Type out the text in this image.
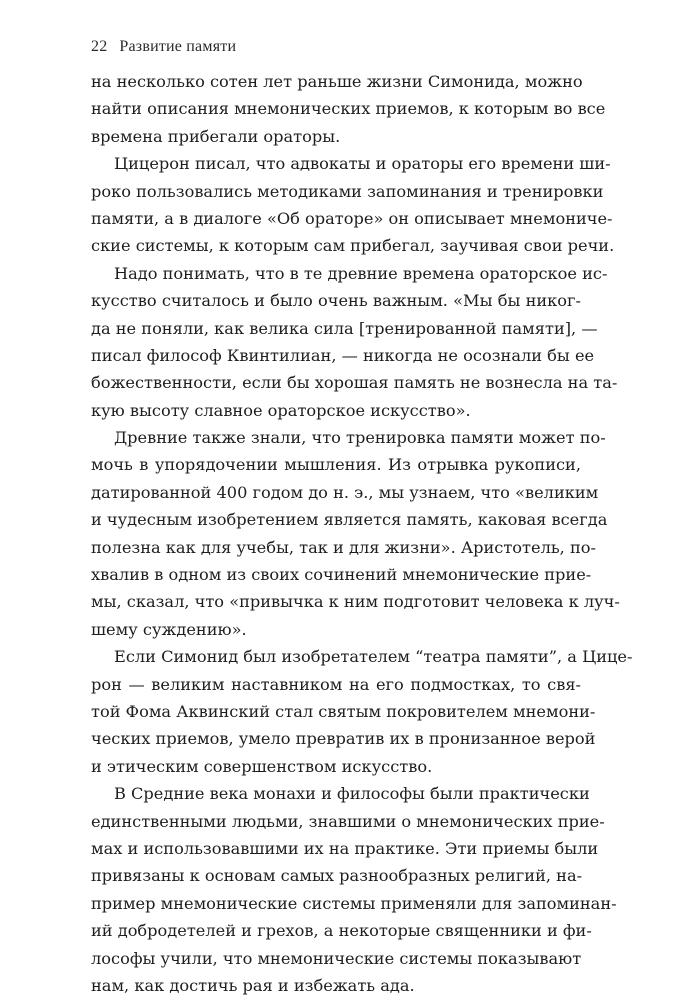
22 Развитие памяти

на несколько сотен лет раньше жизни Симонида, можно
найти описания мнемонических приемов, к которым во все
времена прибегали ораторы.

Цицерон писал, что адвокаты и ораторы его времени ши-
роко пользовались методиками запоминания и тренировки
памяти, а в диалоге «Об ораторе» он описывает мнемониче-
ские системы, к которым сам прибегал, заучивая свои речи.

Надо понимать, что в те древние времена ораторское ис-
кусство считалось и было очень важным. «Мы бы никог-
да не поняли, как велика сила [тренированной памяти], —
писал философ Квинтилиан, — никогда не осознали бы ее
божественности, если бы хорошая память не вознесла на та-
кую высоту славное ораторское искусство».

Древние также знали, что тренировка памяти может по-
мочь в упорядочении мышления. Из отрывка рукописи,
датированной 400 годом до н. э., мы узнаем, что «великим
и чудесным изобретением является память, каковая всегда
полезна как для учебы, так и для жизни». Аристотель, по-
хвалив в одном из своих сочинений мнемонические прие-
мы, сказал, что «привычка к ним подготовит человека к луч-
шему суждению».

Если Симонид был изобретателем “театра памяти”, а Цице-
рон — великим наставником на его подмостках, то свя-
той Фома Аквинский стал святым покровителем мнемони-
ческих приемов, умело превратив их в пронизанное верой
и этическим совершенством искусство.

В Средние века монахи и философы были практически
единственными людьми, знавшими о мнемонических прие-
мах и использовавшими их на практике. Эти приемы были
привязаны к основам самых разнообразных религий, на-
пример мнемонические системы применяли для запоминан-
ий добродетелей и грехов, а некоторые священники и фи-
лософы учили, что мнемонические системы показывают
нам, как достичь рая и избежать ада.
